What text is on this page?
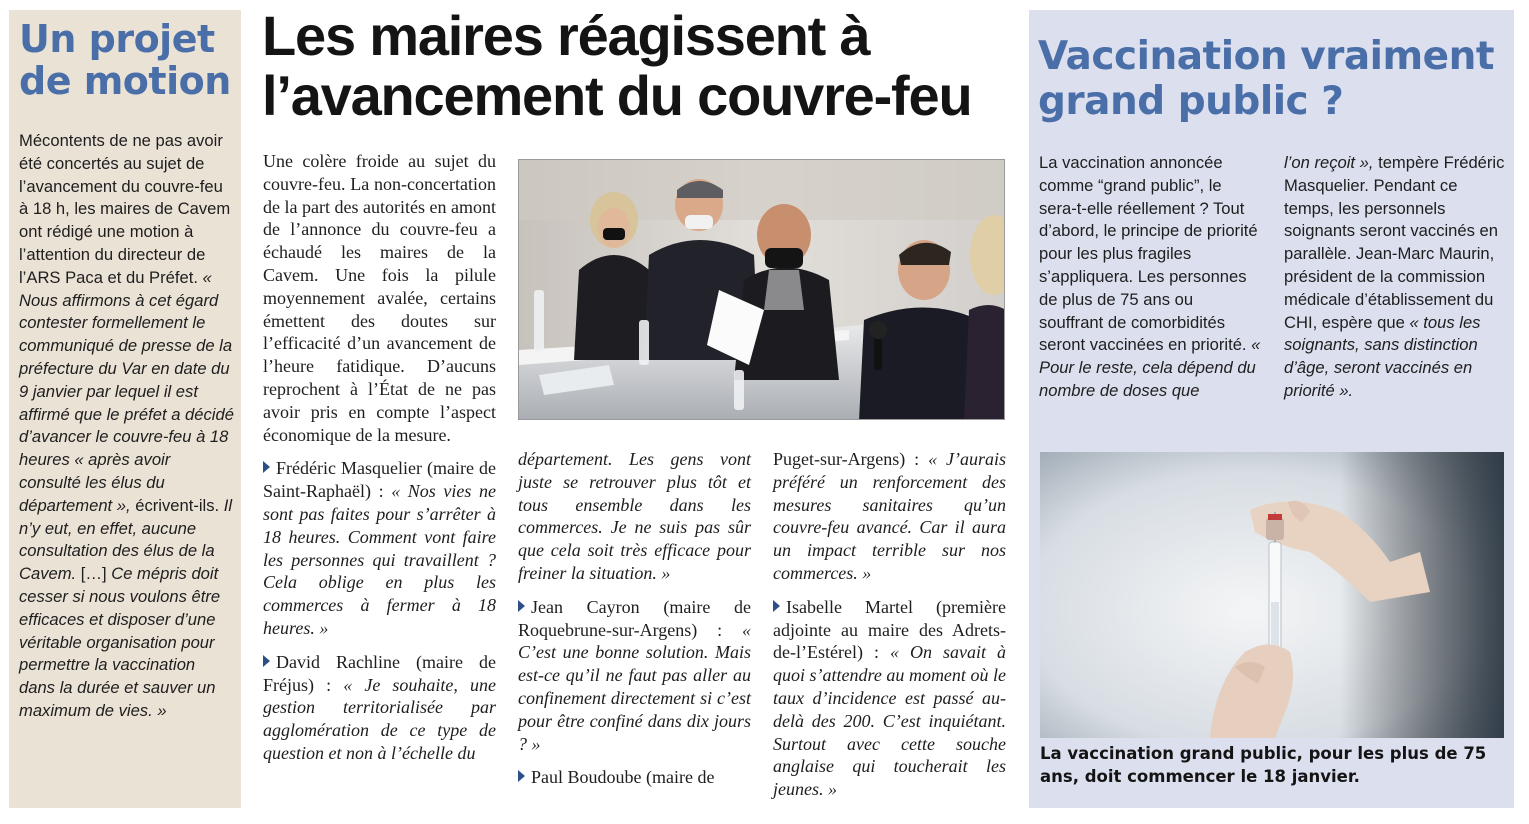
Un projet de motion

Mécontents de ne pas avoir été concertés au sujet de l’avancement du couvre-feu à 18 h, les maires de Cavem ont rédigé une motion à l’attention du directeur de l’ARS Paca et du Préfet. « Nous affirmons à cet égard contester formellement le communiqué de presse de la préfecture du Var en date du 9 janvier par lequel il est affirmé que le préfet a décidé d’avancer le couvre-feu à 18 heures « après avoir consulté les élus du département », écrivent-ils. Il n’y eut, en effet, aucune consultation des élus de la Cavem. […] Ce mépris doit cesser si nous voulons être efficaces et disposer d’une véritable organisation pour permettre la vaccination dans la durée et sauver un maximum de vies. »

Les maires réagissent à l’avancement du couvre-feu

Une colère froide au sujet du couvre-feu. La non-concertation de la part des autorités en amont de l’annonce du couvre-feu a échaudé les maires de la Cavem. Une fois la pilule moyennement avalée, certains émettent des doutes sur l’efficacité d’un avancement de l’heure fatidique. D’aucuns reprochent à l’État de ne pas avoir pris en compte l’aspect économique de la mesure.

Frédéric Masquelier (maire de Saint-Raphaël) : « Nos vies ne sont pas faites pour s’arrêter à 18 heures. Comment vont faire les personnes qui travaillent ? Cela oblige en plus les commerces à fermer à 18 heures. »

David Rachline (maire de Fréjus) : « Je souhaite, une gestion territorialisée par agglomération de ce type de question et non à l’échelle du

département. Les gens vont juste se retrouver plus tôt et tous ensemble dans les commerces. Je ne suis pas sûr que cela soit très efficace pour freiner la situation. »

Jean Cayron (maire de Roquebrune-sur-Argens) : « C’est une bonne solution. Mais est-ce qu’il ne faut pas aller au confinement directement si c’est pour être confiné dans dix jours ? »

Paul Boudoube (maire de

Puget-sur-Argens) : « J’aurais préféré un renforcement des mesures sanitaires qu’un couvre-feu avancé. Car il aura un impact terrible sur nos commerces. »

Isabelle Martel (première adjointe au maire des Adrets-de-l’Estérel) : « On savait à quoi s’attendre au moment où le taux d’incidence est passé au-delà des 200. C’est inquiétant. Surtout avec cette souche anglaise qui toucherait les jeunes. »

Vaccination vraiment grand public ?

La vaccination annoncée comme “grand public”, le sera-t-elle réellement ? Tout d’abord, le principe de priorité pour les plus fragiles s’appliquera. Les personnes de plus de 75 ans ou souffrant de comorbidités seront vaccinées en priorité. « Pour le reste, cela dépend du nombre de doses que

l’on reçoit », tempère Frédéric Masquelier. Pendant ce temps, les personnels soignants seront vaccinés en parallèle. Jean-Marc Maurin, président de la commission médicale d’établissement du CHI, espère que « tous les soignants, sans distinction d’âge, seront vaccinés en priorité ».

La vaccination grand public, pour les plus de 75 ans, doit commencer le 18 janvier.
